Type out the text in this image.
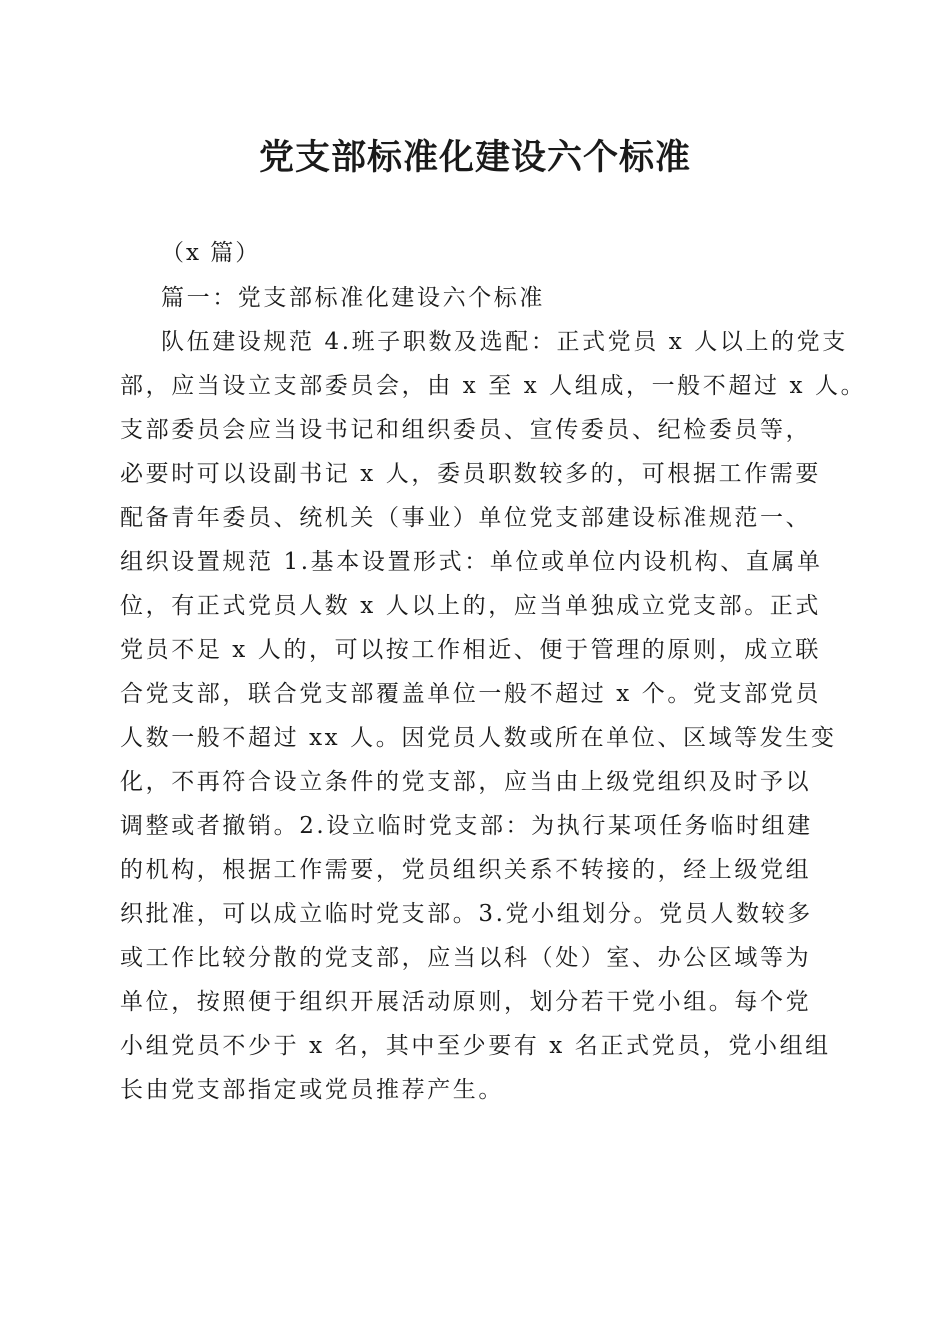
党支部标准化建设六个标准
（x 篇）
篇一：党支部标准化建设六个标准
队伍建设规范 4.班子职数及选配：正式党员 x 人以上的党支
部，应当设立支部委员会，由 x 至 x 人组成，一般不超过 x 人。
支部委员会应当设书记和组织委员、宣传委员、纪检委员等，
必要时可以设副书记 x 人，委员职数较多的，可根据工作需要
配备青年委员、统机关（事业）单位党支部建设标准规范一、
组织设置规范 1.基本设置形式：单位或单位内设机构、直属单
位，有正式党员人数 x 人以上的，应当单独成立党支部。正式
党员不足 x 人的，可以按工作相近、便于管理的原则，成立联
合党支部，联合党支部覆盖单位一般不超过 x 个。党支部党员
人数一般不超过 xx 人。因党员人数或所在单位、区域等发生变
化，不再符合设立条件的党支部，应当由上级党组织及时予以
调整或者撤销。2.设立临时党支部：为执行某项任务临时组建
的机构，根据工作需要，党员组织关系不转接的，经上级党组
织批准，可以成立临时党支部。3.党小组划分。党员人数较多
或工作比较分散的党支部，应当以科（处）室、办公区域等为
单位，按照便于组织开展活动原则，划分若干党小组。每个党
小组党员不少于 x 名，其中至少要有 x 名正式党员，党小组组
长由党支部指定或党员推荐产生。
